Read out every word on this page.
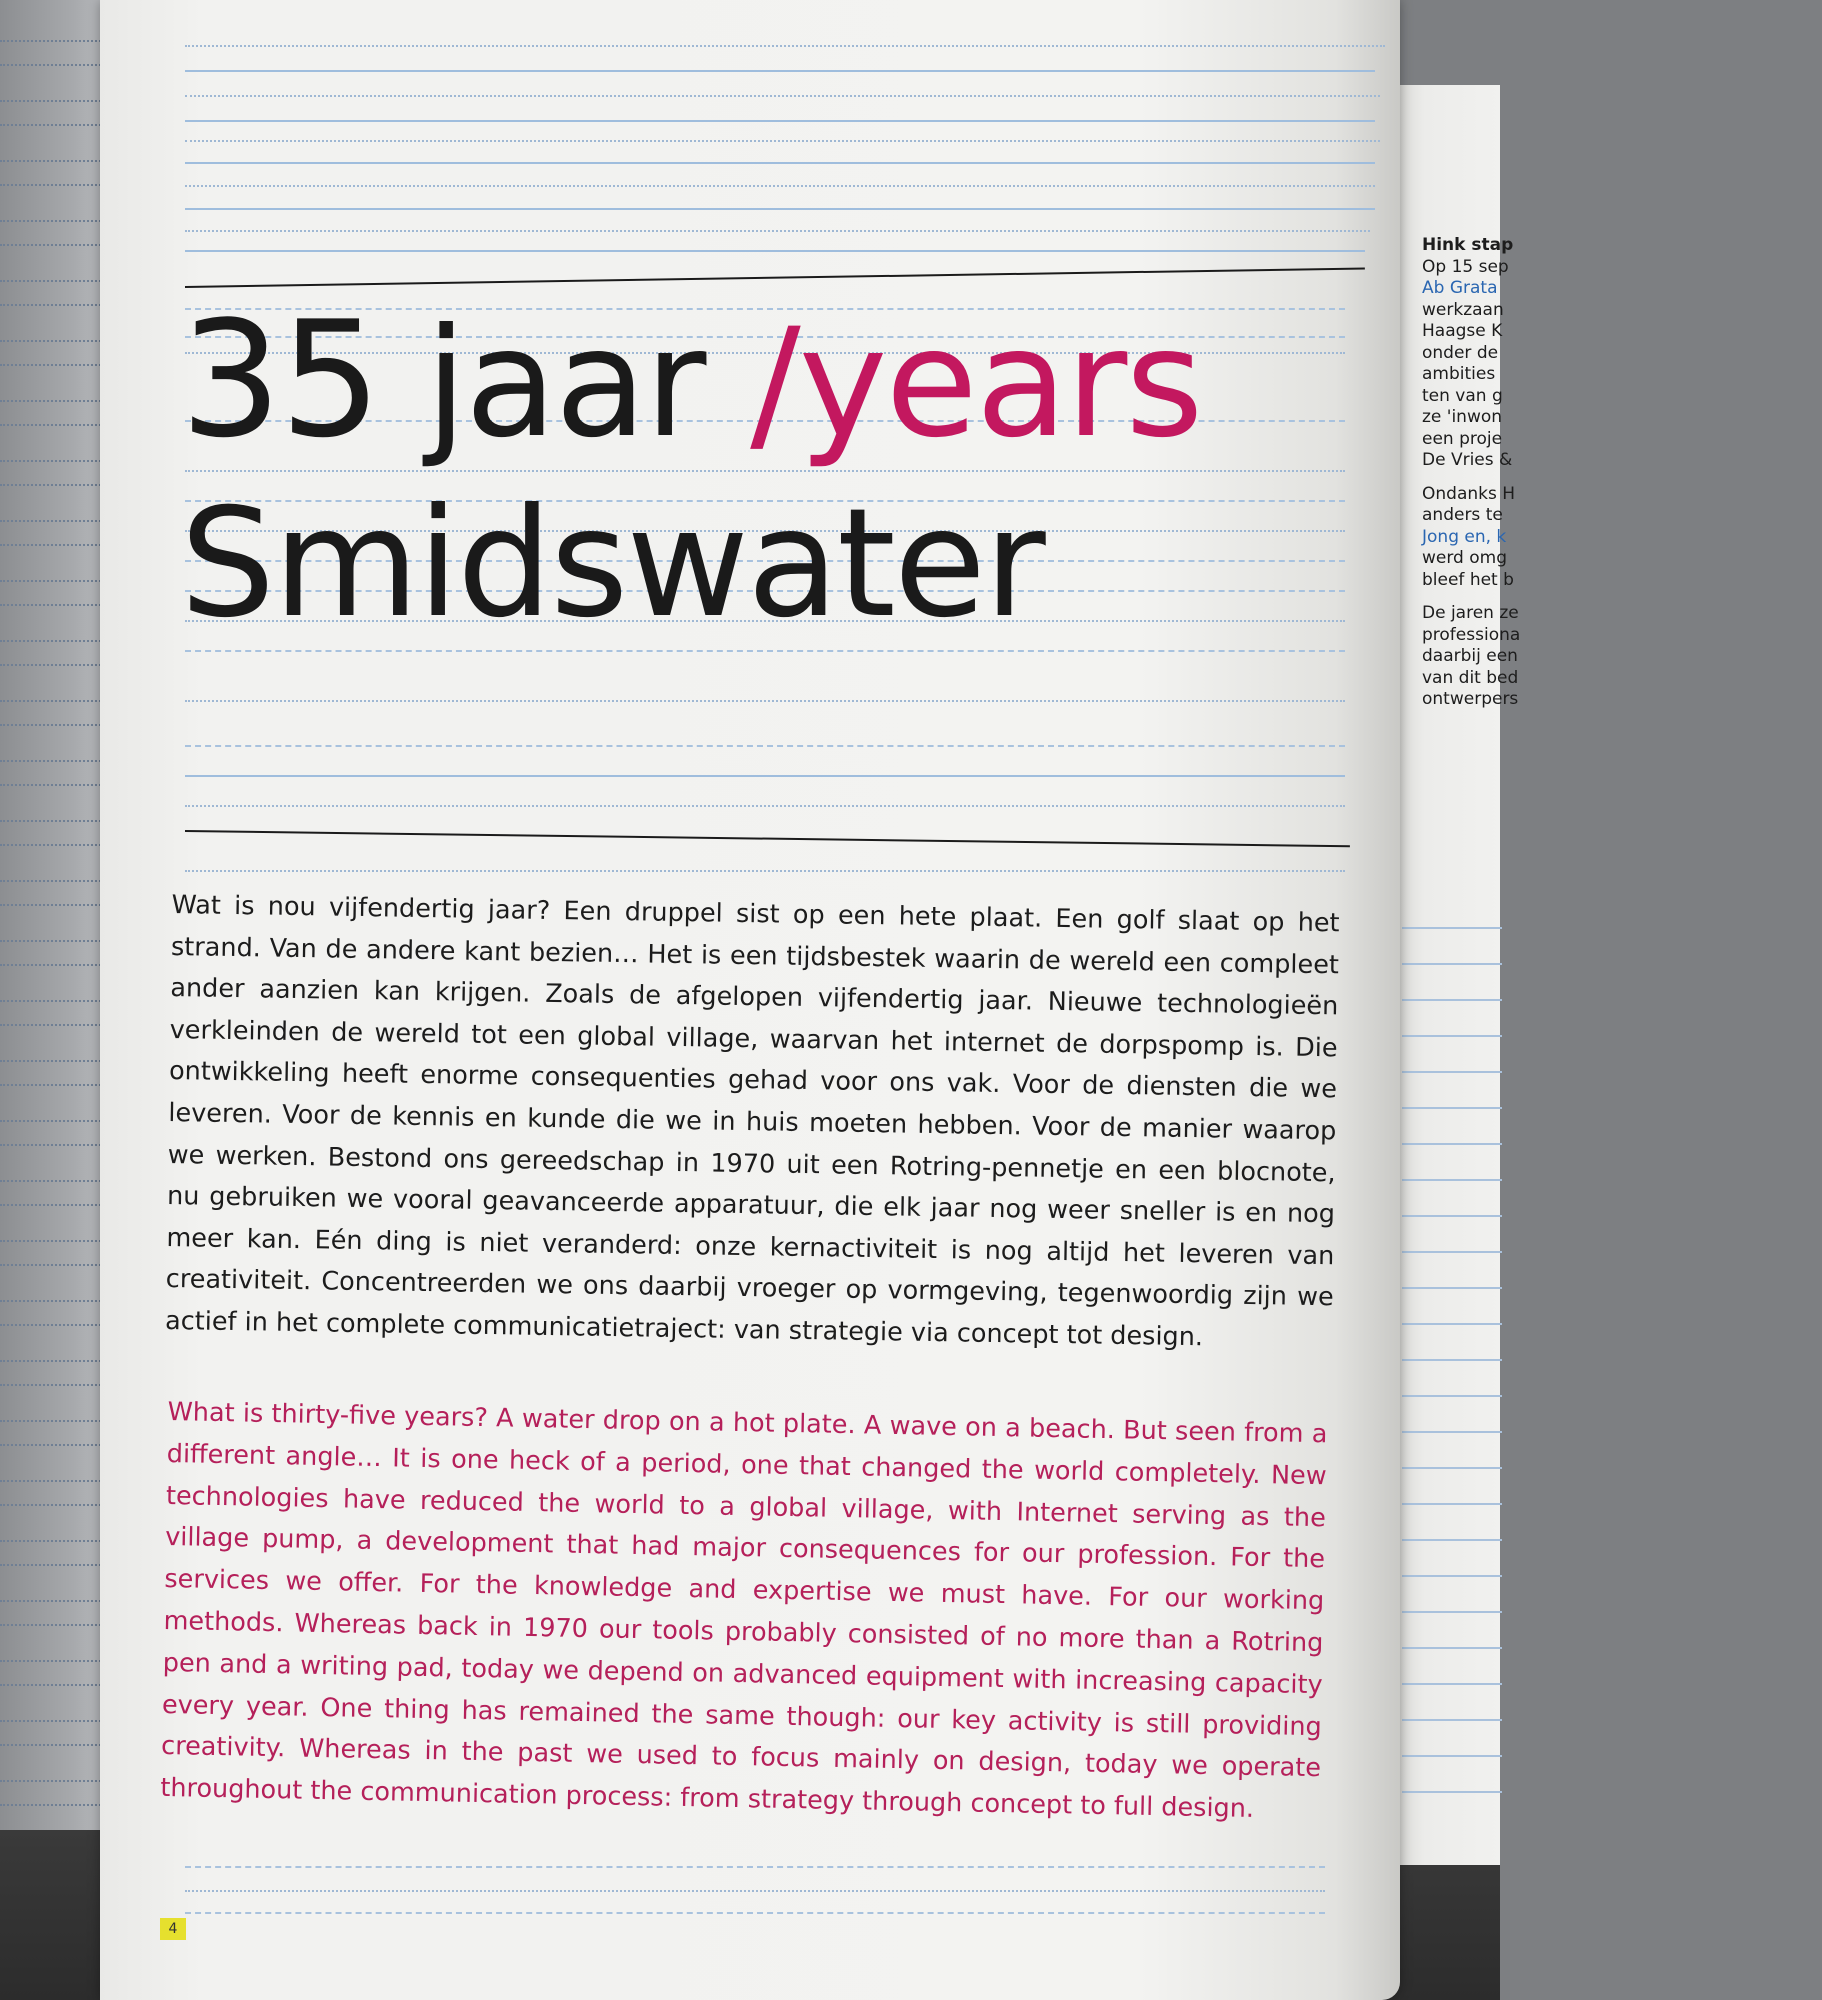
Hink stap
Op 15 sep
Ab Grata
werkzaan
Haagse K
onder de
ambities
ten van g
ze 'inwon
een proje
De Vries &
Ondanks H
anders te
Jong en, k
werd omg
bleef het b
De jaren ze
professiona
daarbij een
van dit bed
ontwerpers
35 jaar /years
Smidswater
Wat is nou vijfendertig jaar? Een druppel sist op een hete plaat. Een golf slaat op het strand. Van de andere kant bezien… Het is een tijdsbestek waarin de wereld een compleet ander aanzien kan krijgen. Zoals de afgelopen vijfendertig jaar. Nieuwe technologieën verkleinden de wereld tot een global village, waarvan het internet de dorpspomp is. Die ontwikkeling heeft enorme consequenties gehad voor ons vak. Voor de diensten die we leveren. Voor de kennis en kunde die we in huis moeten hebben. Voor de manier waarop we werken. Bestond ons gereedschap in 1970 uit een Rotring-pennetje en een blocnote, nu gebruiken we vooral geavanceerde apparatuur, die elk jaar nog weer sneller is en nog meer kan. Eén ding is niet veranderd: onze kernactiviteit is nog altijd het leveren van creativiteit. Concentreerden we ons daarbij vroeger op vormgeving, tegenwoordig zijn we actief in het complete communicatietraject: van strategie via concept tot design.
What is thirty-five years? A water drop on a hot plate. A wave on a beach. But seen from a different angle… It is one heck of a period, one that changed the world completely. New technologies have reduced the world to a global village, with Internet serving as the village pump, a development that had major consequences for our profession. For the services we offer. For the knowledge and expertise we must have. For our working methods. Whereas back in 1970 our tools probably consisted of no more than a Rotring pen and a writing pad, today we depend on advanced equipment with increasing capacity every year. One thing has remained the same though: our key activity is still providing creativity. Whereas in the past we used to focus mainly on design, today we operate throughout the communication process: from strategy through concept to full design.
4
